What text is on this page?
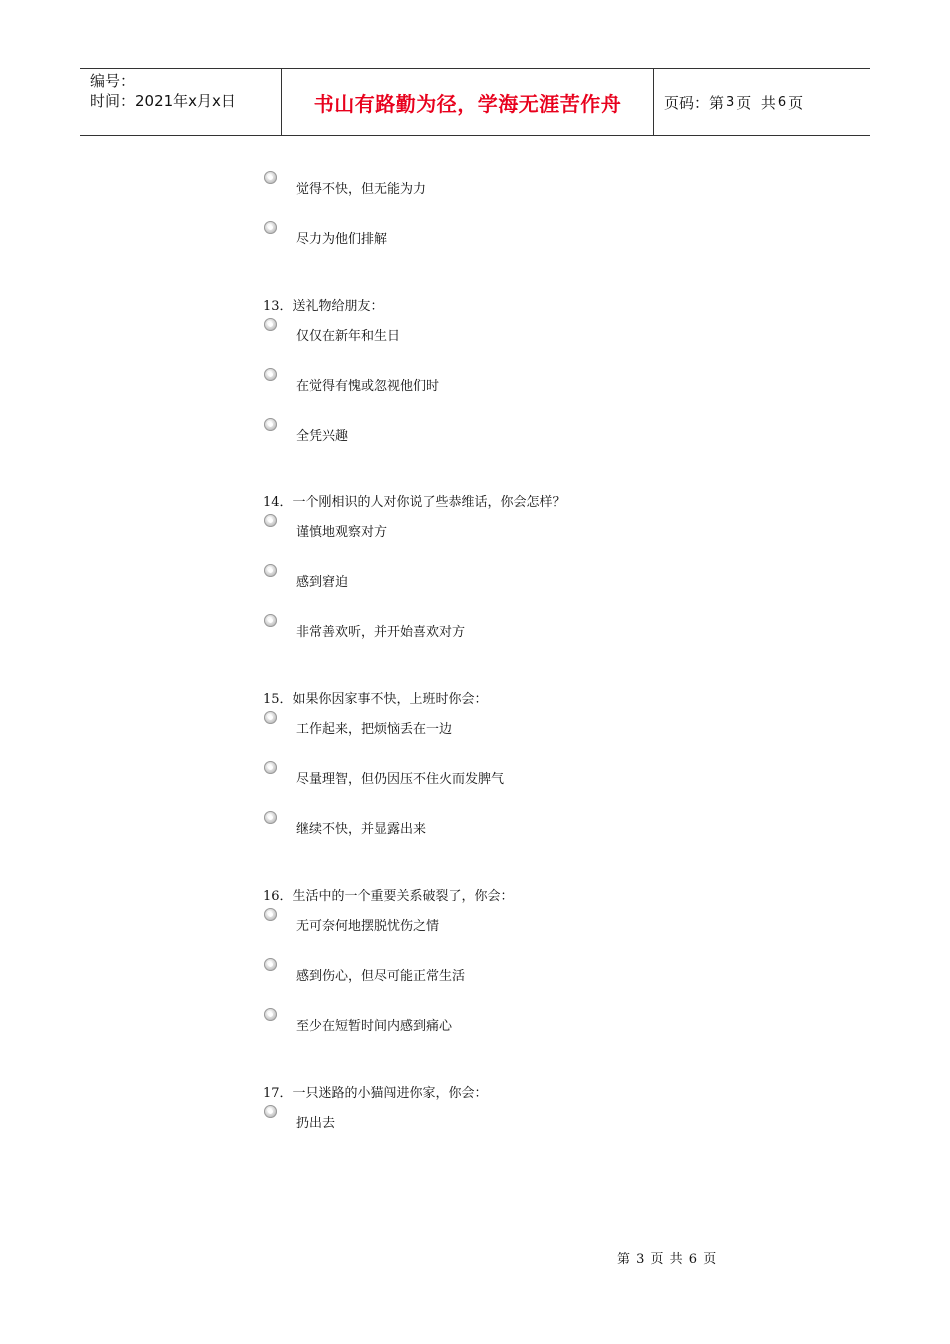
编号：
时间：2021年x月x日	书山有路勤为径，学海无涯苦作舟	页码：第 3 页  共 6 页
觉得不快，但无能为力
尽力为他们排解
13．送礼物给朋友：
仅仅在新年和生日
在觉得有愧或忽视他们时
全凭兴趣
14．一个刚相识的人对你说了些恭维话，你会怎样？
谨慎地观察对方
感到窘迫
非常善欢听，并开始喜欢对方
15．如果你因家事不快，上班时你会：
工作起来，把烦恼丢在一边
尽量理智，但仍因压不住火而发脾气
继续不快，并显露出来
16．生活中的一个重要关系破裂了，你会：
无可奈何地摆脱忧伤之情
感到伤心，但尽可能正常生活
至少在短暂时间内感到痛心
17．一只迷路的小猫闯进你家，你会：
扔出去
第 3 页 共 6 页
